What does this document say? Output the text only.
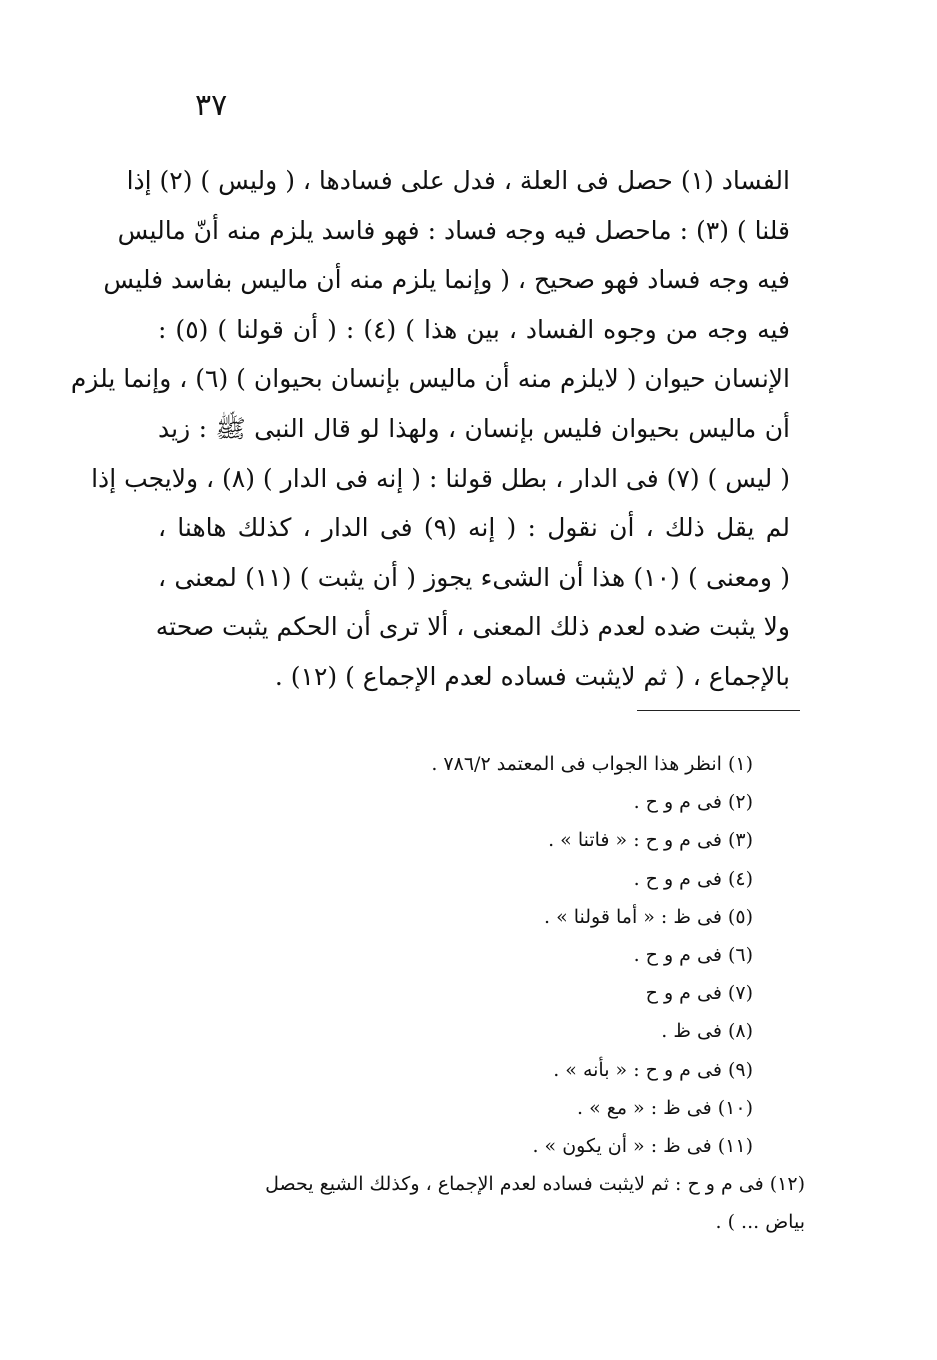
٣٧
الفساد (١) حصل فى العلة ، فدل على فسادها ، ( وليس ) (٢) إذا
قلنا ) (٣) : ماحصل فيه وجه فساد : فهو فاسد يلزم منه أنّ ماليس
فيه وجه فساد فهو صحيح ، ( وإنما يلزم منه أن ماليس بفاسد فليس
فيه وجه من وجوه الفساد ، بين هذا ) (٤) : ( أن قولنا ) (٥) :
الإنسان حيوان ( لايلزم منه أن ماليس بإنسان بحيوان ) (٦) ، وإنما يلزم
أن ماليس بحيوان فليس بإنسان ، ولهذا لو قال النبى ﷺ : زيد
( ليس ) (٧) فى الدار ، بطل قولنا : ( إنه فى الدار ) (٨) ، ولايجب إذا
لم يقل ذلك ، أن نقول : ( إنه (٩) فى الدار ، كذلك هاهنا ،
( ومعنى ) (١٠) هذا أن الشىء يجوز ( أن يثبت ) (١١) لمعنى ،
ولا يثبت ضده لعدم ذلك المعنى ، ألا ترى أن الحكم يثبت صحته
بالإجماع ، ( ثم لايثبت فساده لعدم الإجماع ) (١٢) .
(١) انظر هذا الجواب فى المعتمد ٧٨٦/٢ .
(٢) فى م و ح .
(٣) فى م و ح : « فاتنا » .
(٤) فى م و ح .
(٥) فى ظ : « أما قولنا » .
(٦) فى م و ح .
(٧) فى م و ح
(٨) فى ظ .
(٩) فى م و ح : « بأنه » .
(١٠) فى ظ : « مع » .
(١١) فى ظ : « أن يكون » .
(١٢) فى م و ح : ثم لايثبت فساده لعدم الإجماع ، وكذلك الشيع يحصل
بياض ... ) .
